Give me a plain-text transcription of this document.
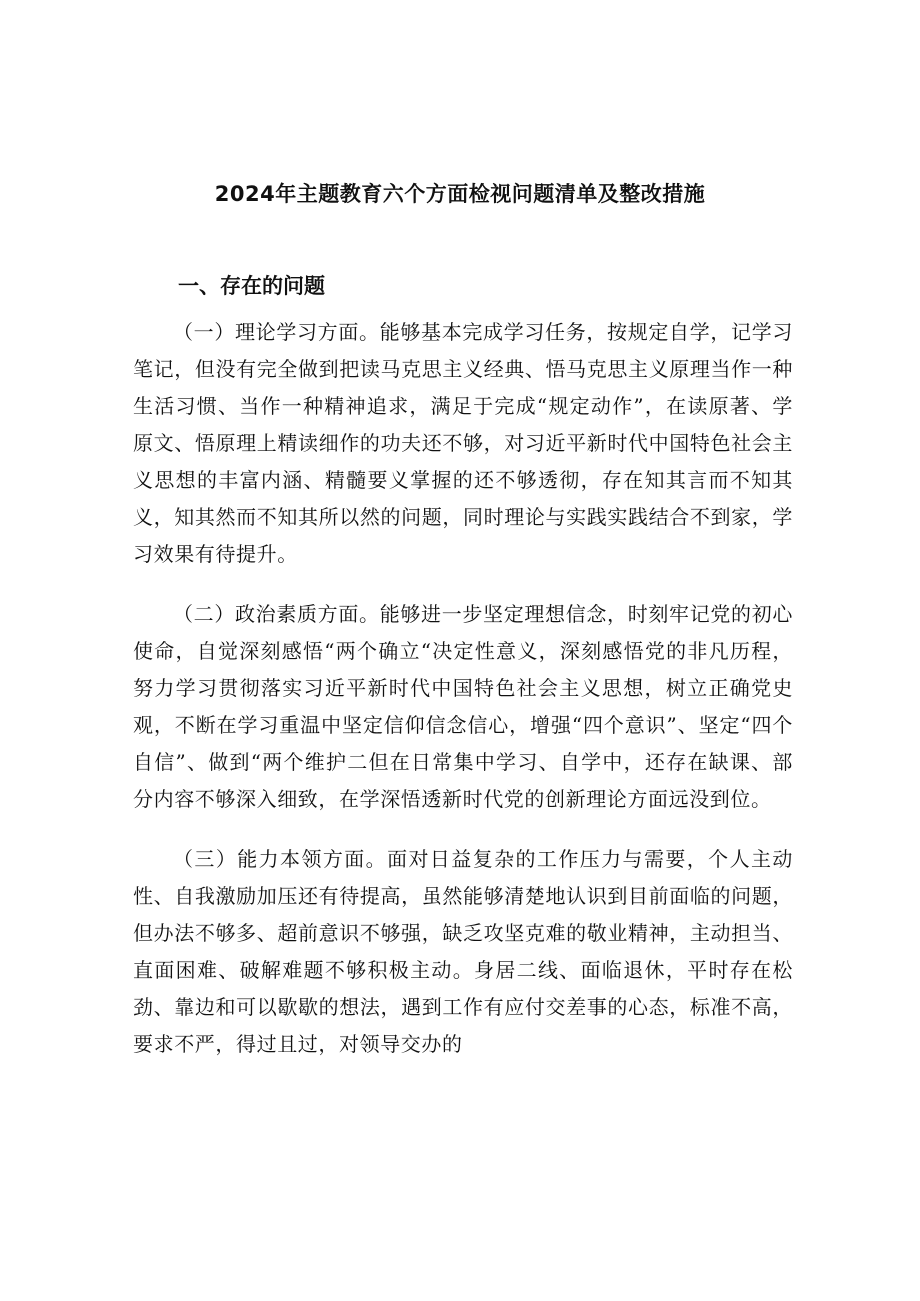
2024年主题教育六个方面检视问题清单及整改措施
一、存在的问题

（一）理论学习方面。能够基本完成学习任务，按规定自学，记学习笔记，但没有完全做到把读马克思主义经典、悟马克思主义原理当作一种生活习惯、当作一种精神追求，满足于完成“规定动作”，在读原著、学原文、悟原理上精读细作的功夫还不够，对习近平新时代中国特色社会主义思想的丰富内涵、精髓要义掌握的还不够透彻，存在知其言而不知其义，知其然而不知其所以然的问题，同时理论与实践实践结合不到家，学习效果有待提升。

（二）政治素质方面。能够进一步坚定理想信念，时刻牢记党的初心使命，自觉深刻感悟“两个确立“决定性意义，深刻感悟党的非凡历程，努力学习贯彻落实习近平新时代中国特色社会主义思想，树立正确党史观，不断在学习重温中坚定信仰信念信心，增强“四个意识”、坚定“四个自信”、做到“两个维护二但在日常集中学习、自学中，还存在缺课、部分内容不够深入细致，在学深悟透新时代党的创新理论方面远没到位。

（三）能力本领方面。面对日益复杂的工作压力与需要，个人主动性、自我激励加压还有待提高，虽然能够清楚地认识到目前面临的问题，但办法不够多、超前意识不够强，缺乏攻坚克难的敬业精神，主动担当、直面困难、破解难题不够积极主动。身居二线、面临退休，平时存在松劲、靠边和可以歇歇的想法，遇到工作有应付交差事的心态，标准不高，要求不严，得过且过，对领导交办的
